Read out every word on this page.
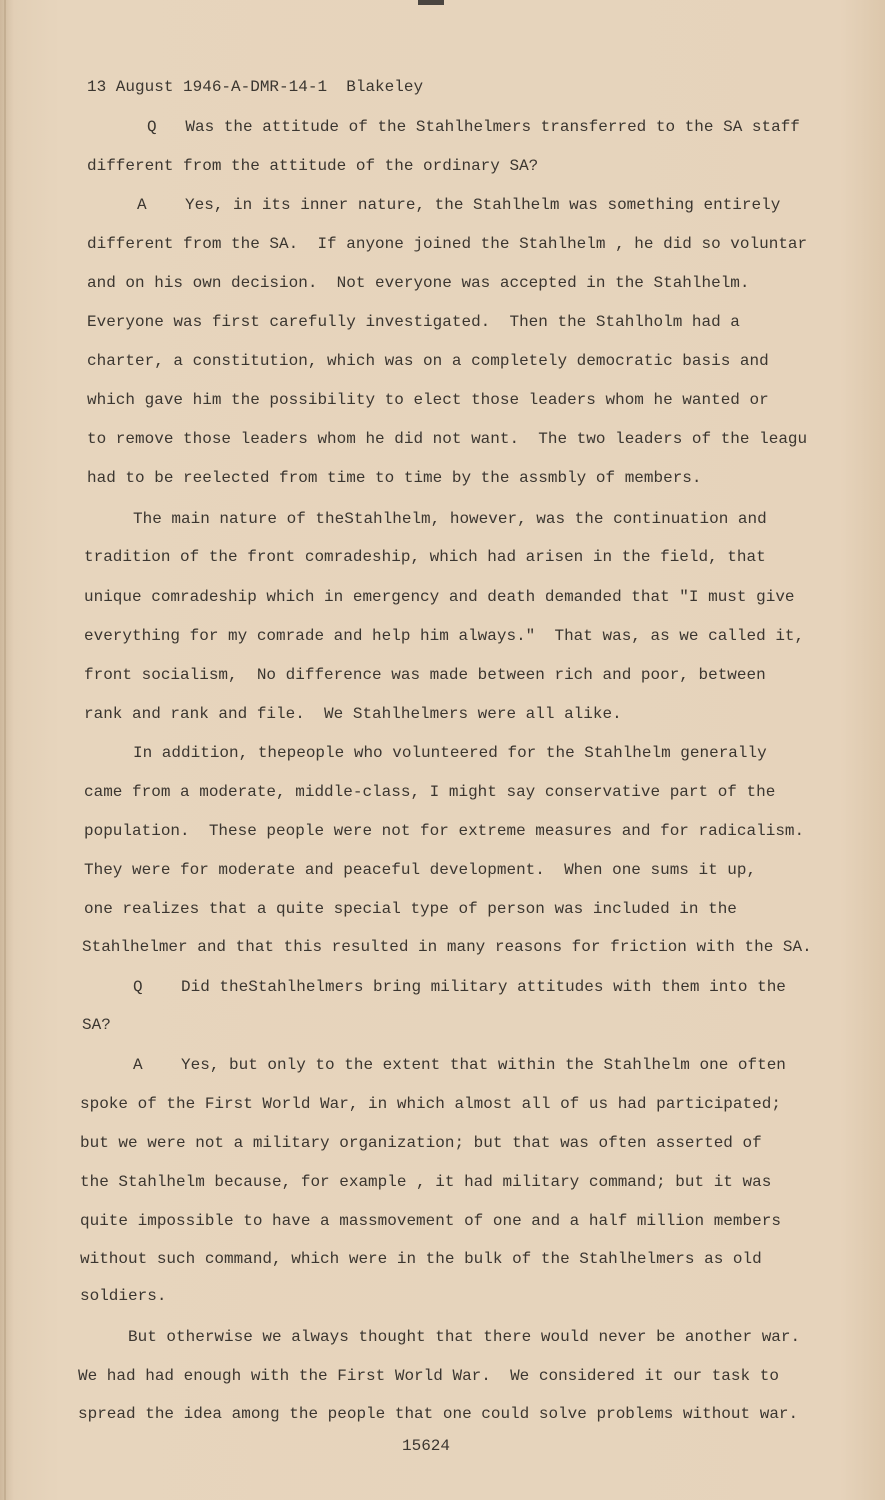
13 August 1946-A-DMR-14-1  Blakeley
Q   Was the attitude of the Stahlhelmers transferred to the SA staff
different from the attitude of the ordinary SA?
A    Yes, in its inner nature, the Stahlhelm was something entirely
different from the SA.  If anyone joined the Stahlhelm , he did so voluntar
and on his own decision.  Not everyone was accepted in the Stahlhelm.
Everyone was first carefully investigated.  Then the Stahlholm had a
charter, a constitution, which was on a completely democratic basis and
which gave him the possibility to elect those leaders whom he wanted or
to remove those leaders whom he did not want.  The two leaders of the leagu
had to be reelected from time to time by the assmbly of members.
The main nature of theStahlhelm, however, was the continuation and
tradition of the front comradeship, which had arisen in the field, that
unique comradeship which in emergency and death demanded that "I must give
everything for my comrade and help him always."  That was, as we called it,
front socialism,  No difference was made between rich and poor, between
rank and rank and file.  We Stahlhelmers were all alike.
In addition, thepeople who volunteered for the Stahlhelm generally
came from a moderate, middle-class, I might say conservative part of the
population.  These people were not for extreme measures and for radicalism.
They were for moderate and peaceful development.  When one sums it up,
one realizes that a quite special type of person was included in the
Stahlhelmer and that this resulted in many reasons for friction with the SA.
Q    Did theStahlhelmers bring military attitudes with them into the
SA?
A    Yes, but only to the extent that within the Stahlhelm one often
spoke of the First World War, in which almost all of us had participated;
but we were not a military organization; but that was often asserted of
the Stahlhelm because, for example , it had military command; but it was
quite impossible to have a massmovement of one and a half million members
without such command, which were in the bulk of the Stahlhelmers as old
soldiers.
But otherwise we always thought that there would never be another war.
We had had enough with the First World War.  We considered it our task to
spread the idea among the people that one could solve problems without war.
15624
